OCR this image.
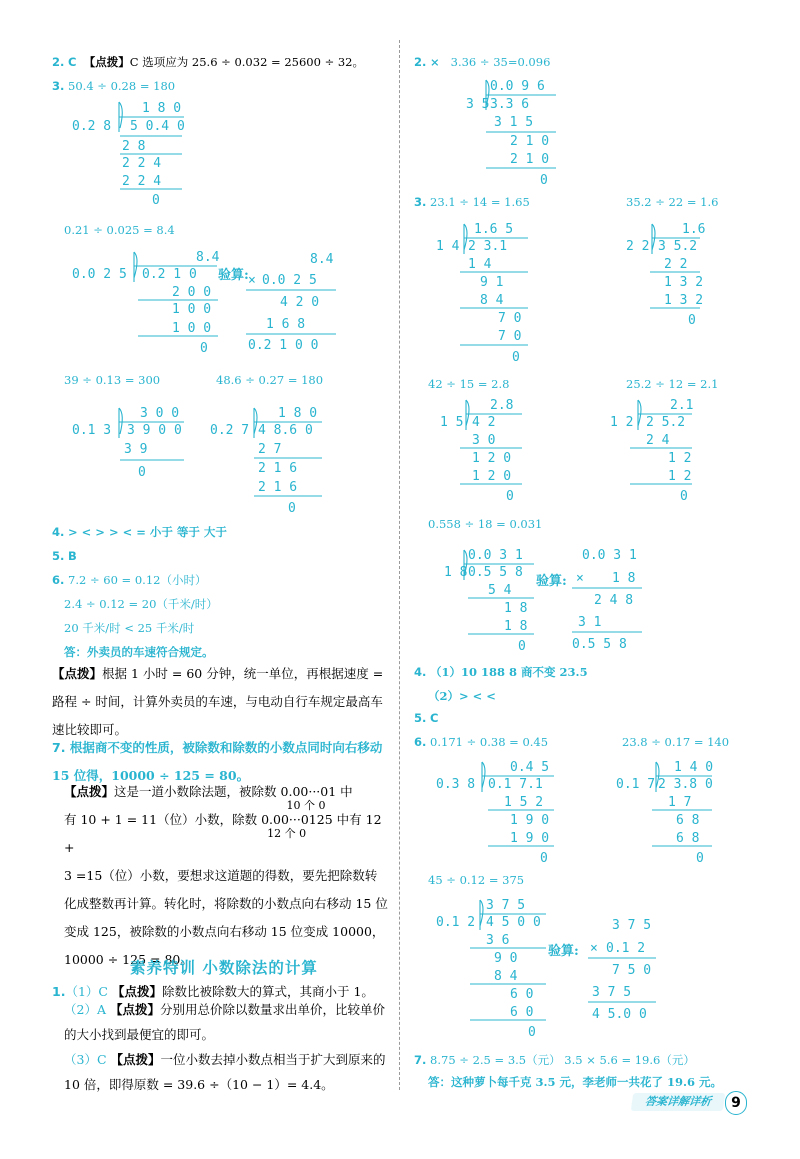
2. C 【点拨】C 选项应为 25.6 ÷ 0.032 = 25600 ÷ 32。
3. 50.4 ÷ 0.28 = 180
1 8 0
0.2 8 5 0.4 0
2 8
2 2 4
2 2 4
0
0.21 ÷ 0.025 = 8.4
8.4
0.0 2 5 0.2 1 0
2 0 0
1 0 0
1 0 0
0
验算:
8.4
× 0.0 2 5
4 2 0
1 6 8
0.2 1 0 0
39 ÷ 0.13 = 300	48.6 ÷ 0.27 = 180
3 0 0
0.1 3 3 9 0 0
3 9
0
1 8 0
0.2 7 4 8.6 0
2 7
2 1 6
2 1 6
0
4. > < > > < = 小于 等于 大于
5. B
6. 7.2 ÷ 60 = 0.12（小时）
2.4 ÷ 0.12 = 20（千米/时）
20 千米/时 < 25 千米/时
答：外卖员的车速符合规定。
【点拨】根据 1 小时 = 60 分钟，统一单位，再根据速度 = 路程 ÷ 时间，计算外卖员的车速，与电动自行车规定最高车速比较即可。
7. 根据商不变的性质，被除数和除数的小数点同时向右移动 15 位得，10000 ÷ 125 = 80。
【点拨】这是一道小数除法题，被除数 0.00···01
10 个 0
中
有 10 + 1 = 11（位）小数，除数 0.00···0125
12 个 0
中有 12 +
3 =15（位）小数，要想求这道题的得数，要先把除数转化成整数再计算。转化时，将除数的小数点向右移动 15 位变成 125，被除数的小数点向右移动 15 位变成 10000，10000 ÷ 125 = 80。
素养特训 小数除法的计算
1.（1）C 【点拨】除数比被除数大的算式，其商小于 1。
（2）A 【点拨】分别用总价除以数量求出单价，比较单价的大小找到最便宜的即可。
（3）C 【点拨】一位小数去掉小数点相当于扩大到原来的 10 倍，即得原数 = 39.6 ÷（10 − 1）= 4.4。
2. × 3.36 ÷ 35=0.096
0.0 9 6
3 5 3.3 6
3 1 5
2 1 0
2 1 0
0
3. 23.1 ÷ 14 = 1.65	35.2 ÷ 22 = 1.6
1.6 5
1 4 2 3.1
1 4
9 1
8 4
7 0
7 0
0
1.6
2 2 3 5.2
2 2
1 3 2
1 3 2
0
42 ÷ 15 = 2.8	25.2 ÷ 12 = 2.1
2.8
1 5 4 2
3 0
1 2 0
1 2 0
0
2.1
1 2 2 5.2
2 4
1 2
1 2
0
0.558 ÷ 18 = 0.031
0.0 3 1
1 8 0.5 5 8
5 4
1 8
1 8
0
验算:
0.0 3 1
× 1 8
2 4 8
3 1
0.5 5 8
4. （1）10 188 8 商不变 23.5
（2）> < <
5. C
6. 0.171 ÷ 0.38 = 0.45	23.8 ÷ 0.17 = 140
0.4 5
0.3 8 0.1 7.1
1 5 2
1 9 0
1 9 0
0
1 4 0
0.1 7 2 3.8 0
1 7
6 8
6 8
0
45 ÷ 0.12 = 375
3 7 5
0.1 2 4 5 0 0
3 6
9 0
8 4
6 0
6 0
0
验算:
3 7 5
× 0.1 2
7 5 0
3 7 5
4 5.0 0
7. 8.75 ÷ 2.5 = 3.5（元） 3.5 × 5.6 = 19.6（元）
答：这种萝卜每千克 3.5 元，李老师一共花了 19.6 元。
答案详解详析	9
